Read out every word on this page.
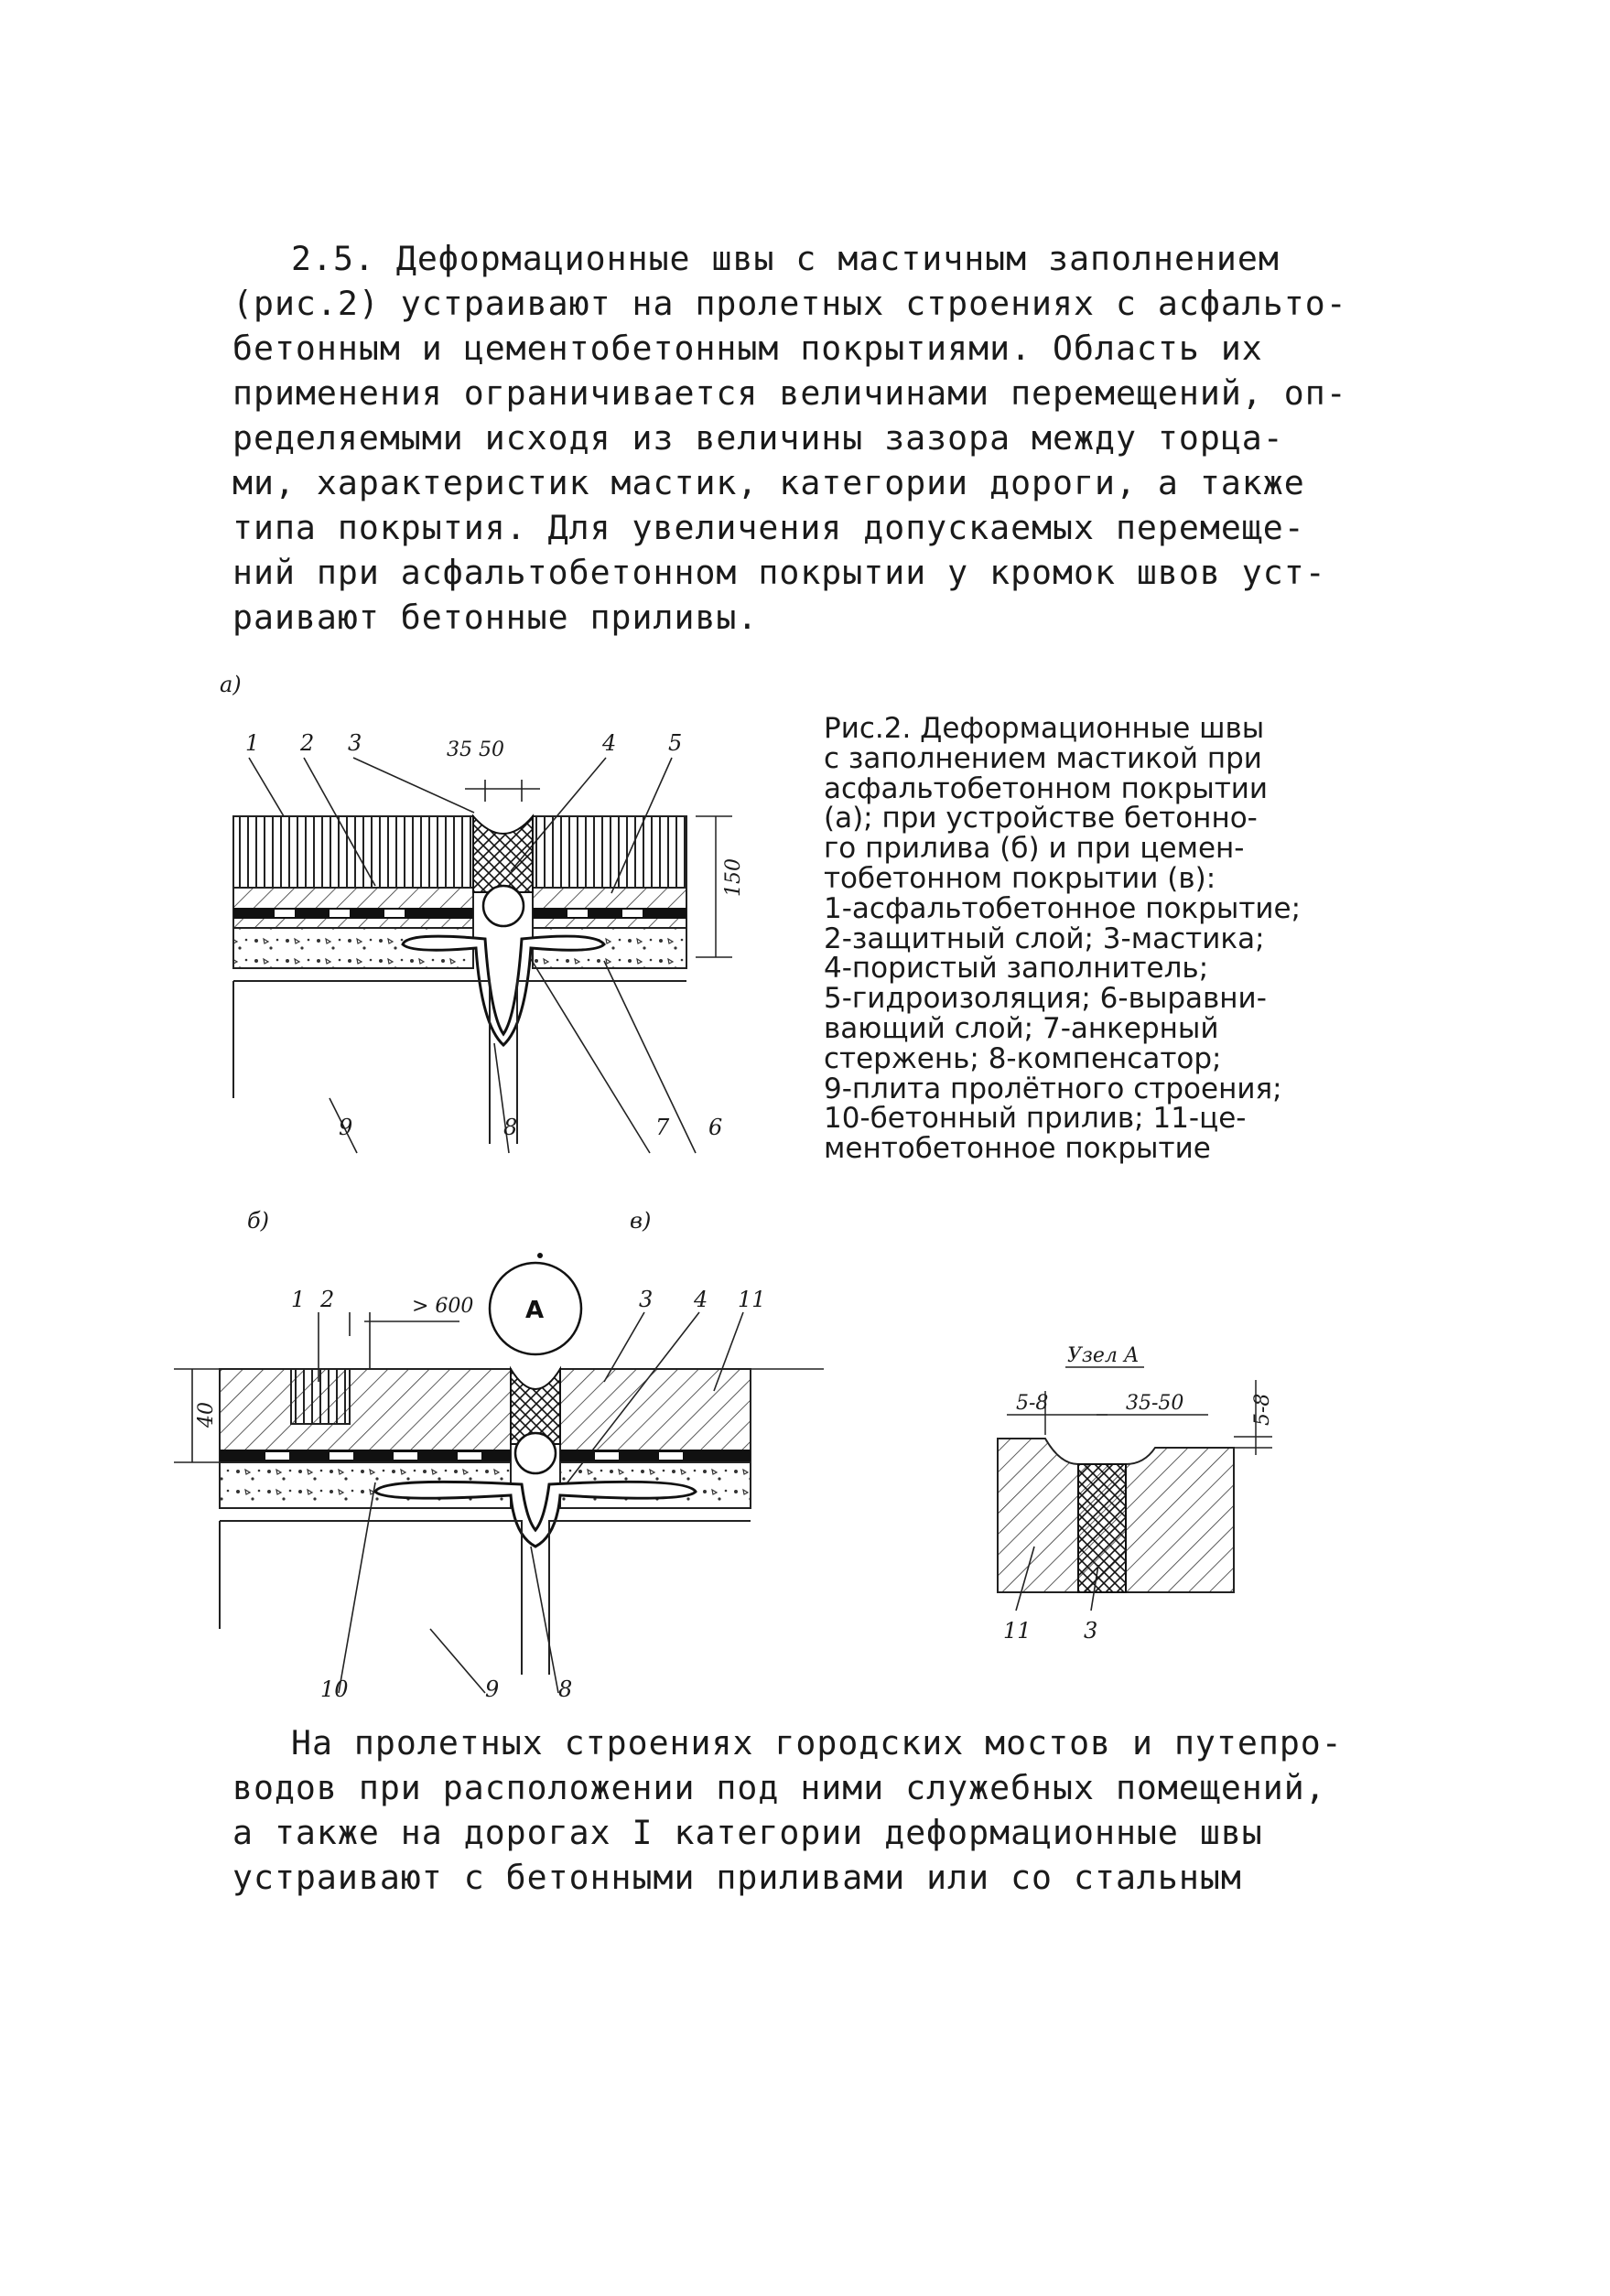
2.5. Деформационные швы с мастичным заполнением
(рис.2) устраивают на пролетных строениях с асфальто-
бетонным и цементобетонным покрытиями. Область их
применения ограничивается величинами перемещений, оп-
ределяемыми исходя из величины зазора между торца-
ми, характеристик мастик, категории дороги, а также
типа покрытия. Для увеличения допускаемых перемеще-
ний при асфальтобетонном покрытии у кромок швов уст-
раивают бетонные приливы.
Рис.2. Деформационные швы
с заполнением мастикой при
асфальтобетонном покрытии
(а); при устройстве бетонно-
го прилива (б) и при цемен-
тобетонном покрытии (в):
1-асфальтобетонное покрытие;
2-защитный слой; 3-мастика;
4-пористый заполнитель;
5-гидроизоляция; 6-выравни-
вающий слой; 7-анкерный
стержень; 8-компенсатор;
9-плита пролётного строения;
10-бетонный прилив; 11-це-
ментобетонное покрытие
а)
1 2 3	35 50	4 5
150
9	8	7 6
б)	в)
1 2	> 600	3 4 11
А
40
10	9	8
Узел А
5-8	35-50	5-8
11 3
На пролетных строениях городских мостов и путепро-
водов при расположении под ними служебных помещений,
а также на дорогах I категории деформационные швы
устраивают с бетонными приливами или со стальным
